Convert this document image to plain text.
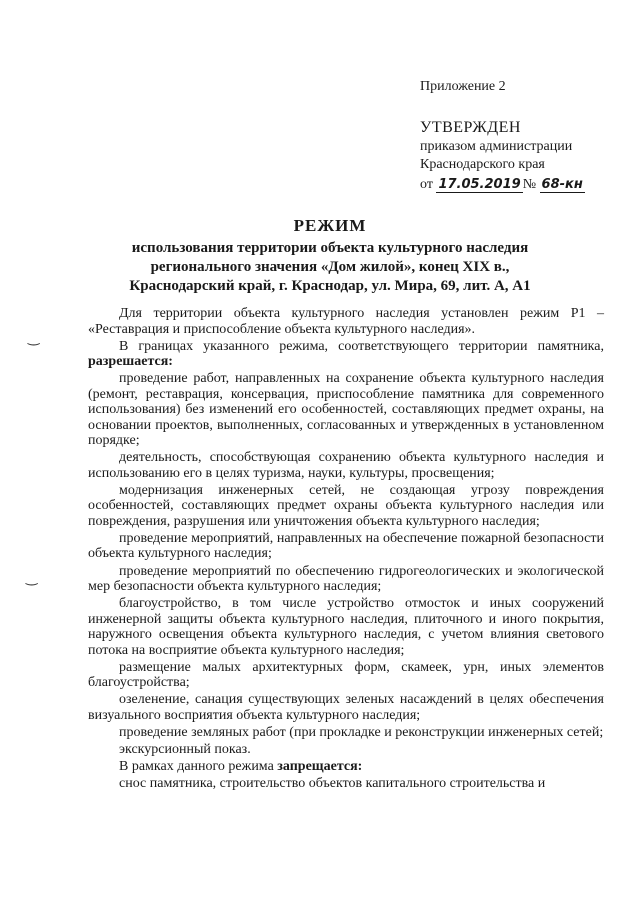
Приложение 2
УТВЕРЖДЕН
приказом администрации
Краснодарского края
от 17.05.2019 № 68-кн
РЕЖИМ
использования территории объекта культурного наследия
регионального значения «Дом жилой», конец XIX в.,
Краснодарский край, г. Краснодар, ул. Мира, 69, лит. А, А1

Для территории объекта культурного наследия установлен режим Р1 – «Реставрация и приспособление объекта культурного наследия».

В границах указанного режима, соответствующего территории памятника, разрешается:

проведение работ, направленных на сохранение объекта культурного наследия (ремонт, реставрация, консервация, приспособление памятника для современного использования) без изменений его особенностей, составляющих предмет охраны, на основании проектов, выполненных, согласованных и утвержденных в установленном порядке;

деятельность, способствующая сохранению объекта культурного наследия и использованию его в целях туризма, науки, культуры, просвещения;

модернизация инженерных сетей, не создающая угрозу повреждения особенностей, составляющих предмет охраны объекта культурного наследия или повреждения, разрушения или уничтожения объекта культурного наследия;

проведение мероприятий, направленных на обеспечение пожарной безопасности объекта культурного наследия;

проведение мероприятий по обеспечению гидрогеологических и экологической мер безопасности объекта культурного наследия;

благоустройство, в том числе устройство отмосток и иных сооружений инженерной защиты объекта культурного наследия, плиточного и иного покрытия, наружного освещения объекта культурного наследия, с учетом влияния светового потока на восприятие объекта культурного наследия;

размещение малых архитектурных форм, скамеек, урн, иных элементов благоустройства;

озеленение, санация существующих зеленых насаждений в целях обеспечения визуального восприятия объекта культурного наследия;

проведение земляных работ (при прокладке и реконструкции инженерных сетей;

экскурсионный показ.

В рамках данного режима запрещается:

снос памятника, строительство объектов капитального строительства и

‿
‿
